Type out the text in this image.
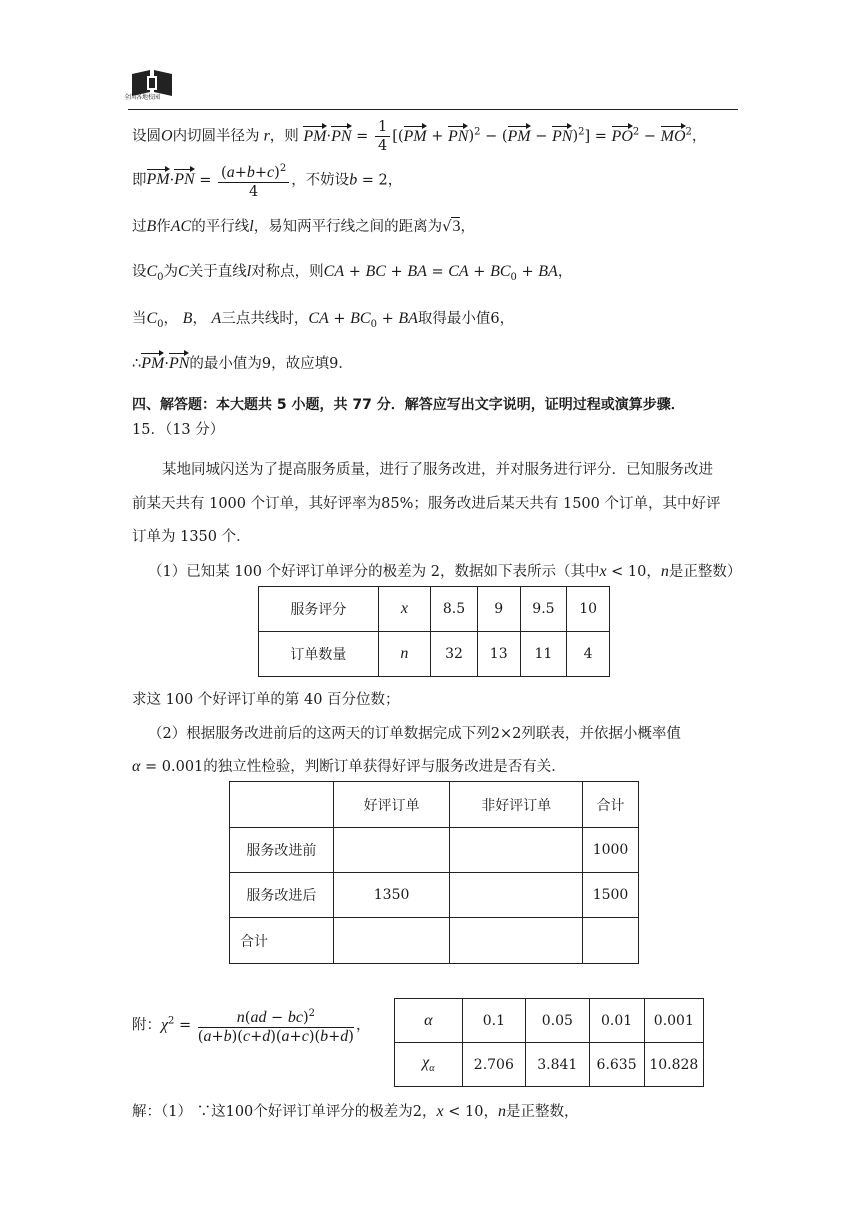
全国各地校园
设圆O内切圆半径为 r，则 $PM\cdot PN = \frac{1}{4} [(PM + PN)^2 - (PM - PN)^2] = PO^2 - MO^2$，
即$PM\cdot PN = \frac{(a+b+c)^2}{4}$ ，不妨设b = 2，
过B作AC的平行线l，易知两平行线之间的距离为√3，
设$C_0$为C关于直线l对称点，则CA + BC + BA = CA + $BC_0$ + BA，
当$C_0$， B， A三点共线时，CA + $BC_0$ + BA取得最小值6，
∴PM·PN的最小值为9，故应填9．
四、解答题：本大题共 5 小题，共 77 分．解答应写出文字说明，证明过程或演算步骤．
15．（13 分）
某地同城闪送为了提高服务质量，进行了服务改进，并对服务进行评分．已知服务改进
前某天共有 1000 个订单，其好评率为85%；服务改进后某天共有 1500 个订单，其中好评
订单为 1350 个．
（1）已知某 100 个好评订单评分的极差为 2，数据如下表所示（其中x < 10，n是正整数）
服务评分	x	8.5	9	9.5	10
订单数量	n	32	13	11	4
求这 100 个好评订单的第 40 百分位数；
（2）根据服务改进前后的这两天的订单数据完成下列2×2列联表，并依据小概率值
α = 0.001的独立性检验，判断订单获得好评与服务改进是否有关．
	好评订单	非好评订单	合计
服务改进前			1000
服务改进后	1350		1500
合计			
附：$\chi^2 = \frac{n(ad - bc)^2}{(a+b)(c+d)(a+c)(b+d)}$ ，	α	0.1	0.05	0.01	0.001
$\chi_\alpha$	2.706	3.841	6.635	10.828
解：（1） ∵这100个好评订单评分的极差为2，x < 10，n是正整数，
